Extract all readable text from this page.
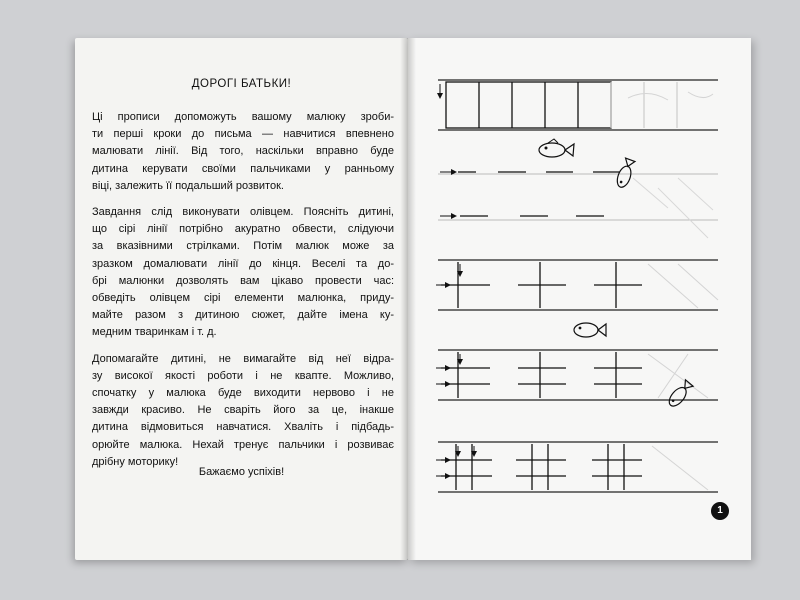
ДОРОГІ БАТЬКИ!

Ці прописи допоможуть вашому малюку зроби-
ти перші кроки до письма — навчитися впевнено
малювати лінії. Від того, наскільки вправно буде
дитина керувати своїми пальчиками у ранньому
віці, залежить її подальший розвиток.

Завдання слід виконувати олівцем. Поясніть дитині,
що сірі лінії потрібно акуратно обвести, слідуючи
за вказівними стрілками. Потім малюк може за
зразком домалювати лінії до кінця. Веселі та до-
брі малюнки дозволять вам цікаво провести час:
обведіть олівцем сірі елементи малюнка, приду-
майте разом з дитиною сюжет, дайте імена ку-
медним тваринкам і т. д.

Допомагайте дитині, не вимагайте від неї відра-
зу високої якості роботи і не квапте. Можливо,
спочатку у малюка буде виходити нервово і не
завжди красиво. Не сваріть його за це, інакше
дитина відмовиться навчатися. Хваліть і підбадь-
орюйте малюка. Нехай тренує пальчики і розвиває
дрібну моторику!

Бажаємо успіхів!
1
